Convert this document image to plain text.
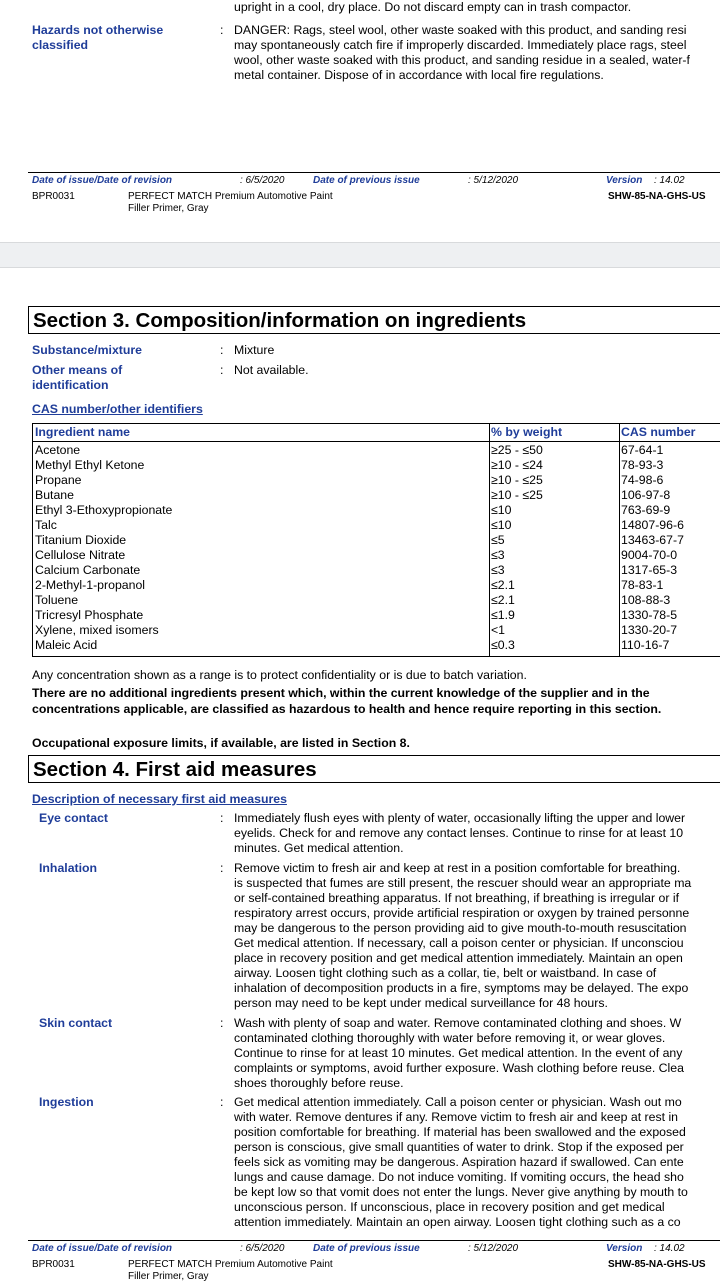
upright in a cool, dry place. Do not discard empty can in trash compactor.
Hazards not otherwise
classified
: DANGER: Rags, steel wool, other waste soaked with this product, and sanding resi
may spontaneously catch fire if improperly discarded. Immediately place rags, steel
wool, other waste soaked with this product, and sanding residue in a sealed, water-f
metal container. Dispose of in accordance with local fire regulations.
Date of issue/Date of revision	: 6/5/2020	Date of previous issue	: 5/12/2020	Version : 14.02
BPR0031	PERFECT MATCH Premium Automotive Paint
Filler Primer, Gray
SHW-85-NA-GHS-US
Section 3. Composition/information on ingredients
Substance/mixture	: Mixture
Other means of
identification
: Not available.
CAS number/other identifiers
Ingredient name	% by weight	CAS number
Acetone	≥25 - ≤50	67-64-1
Methyl Ethyl Ketone	≥10 - ≤24	78-93-3
Propane	≥10 - ≤25	74-98-6
Butane	≥10 - ≤25	106-97-8
Ethyl 3-Ethoxypropionate	≤10	763-69-9
Talc	≤10	14807-96-6
Titanium Dioxide	≤5	13463-67-7
Cellulose Nitrate	≤3	9004-70-0
Calcium Carbonate	≤3	1317-65-3
2-Methyl-1-propanol	≤2.1	78-83-1
Toluene	≤2.1	108-88-3
Tricresyl Phosphate	≤1.9	1330-78-5
Xylene, mixed isomers	<1	1330-20-7
Maleic Acid	≤0.3	110-16-7
Any concentration shown as a range is to protect confidentiality or is due to batch variation.
There are no additional ingredients present which, within the current knowledge of the supplier and in the
concentrations applicable, are classified as hazardous to health and hence require reporting in this section.
Occupational exposure limits, if available, are listed in Section 8.
Section 4. First aid measures
Description of necessary first aid measures
Eye contact	: Immediately flush eyes with plenty of water, occasionally lifting the upper and lower
eyelids. Check for and remove any contact lenses. Continue to rinse for at least 10
minutes. Get medical attention.
Inhalation	: Remove victim to fresh air and keep at rest in a position comfortable for breathing.
is suspected that fumes are still present, the rescuer should wear an appropriate ma
or self-contained breathing apparatus. If not breathing, if breathing is irregular or if
respiratory arrest occurs, provide artificial respiration or oxygen by trained personne
may be dangerous to the person providing aid to give mouth-to-mouth resuscitation
Get medical attention. If necessary, call a poison center or physician. If unconsciou
place in recovery position and get medical attention immediately. Maintain an open
airway. Loosen tight clothing such as a collar, tie, belt or waistband. In case of
inhalation of decomposition products in a fire, symptoms may be delayed. The expo
person may need to be kept under medical surveillance for 48 hours.
Skin contact	: Wash with plenty of soap and water. Remove contaminated clothing and shoes. W
contaminated clothing thoroughly with water before removing it, or wear gloves.
Continue to rinse for at least 10 minutes. Get medical attention. In the event of any
complaints or symptoms, avoid further exposure. Wash clothing before reuse. Clea
shoes thoroughly before reuse.
Ingestion	: Get medical attention immediately. Call a poison center or physician. Wash out mo
with water. Remove dentures if any. Remove victim to fresh air and keep at rest in
position comfortable for breathing. If material has been swallowed and the exposed
person is conscious, give small quantities of water to drink. Stop if the exposed per
feels sick as vomiting may be dangerous. Aspiration hazard if swallowed. Can ente
lungs and cause damage. Do not induce vomiting. If vomiting occurs, the head sho
be kept low so that vomit does not enter the lungs. Never give anything by mouth to
unconscious person. If unconscious, place in recovery position and get medical
attention immediately. Maintain an open airway. Loosen tight clothing such as a co
Date of issue/Date of revision	: 6/5/2020	Date of previous issue	: 5/12/2020	Version : 14.02
BPR0031	PERFECT MATCH Premium Automotive Paint
Filler Primer, Gray
SHW-85-NA-GHS-US
